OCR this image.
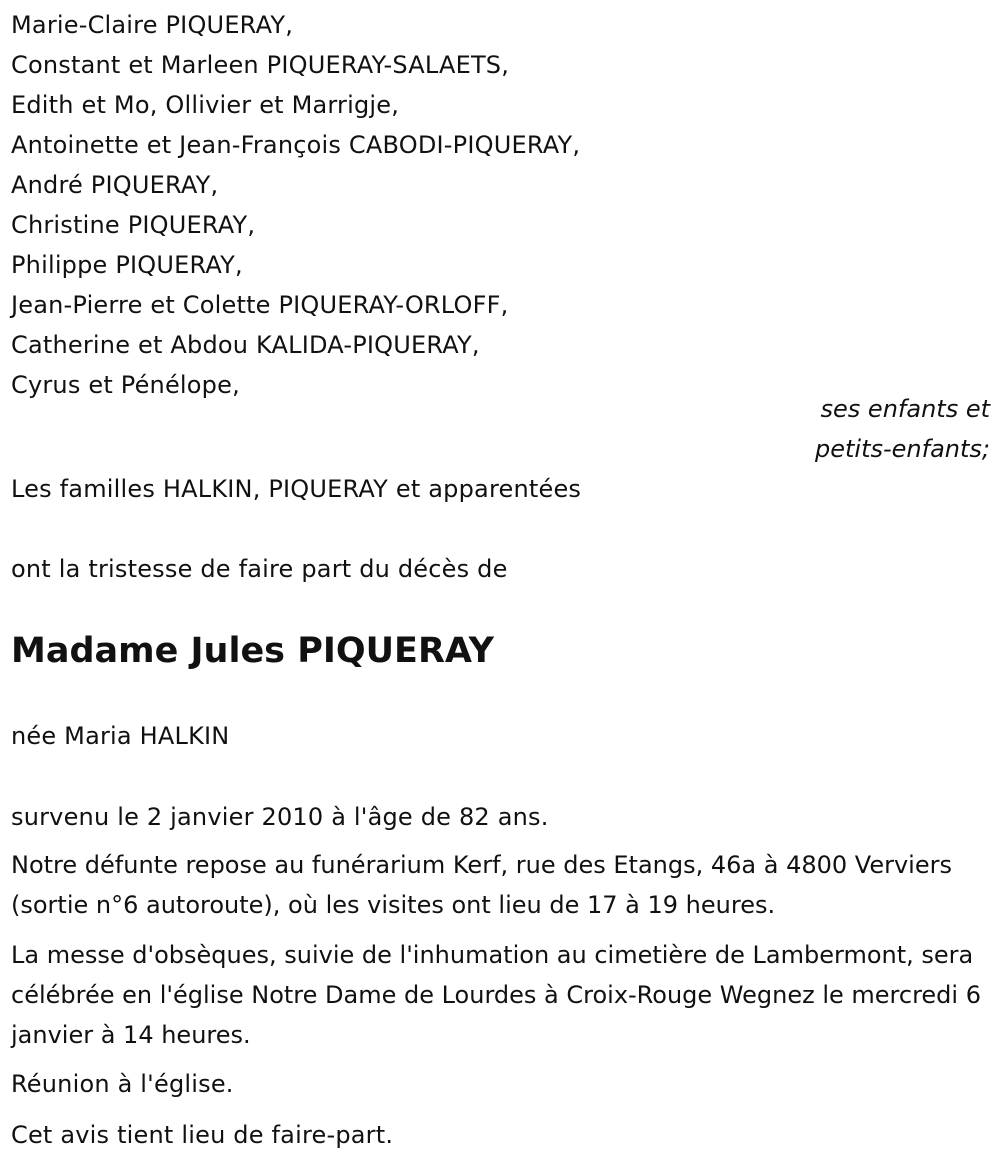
Marie-Claire PIQUERAY,
Constant et Marleen PIQUERAY-SALAETS,
Edith et Mo, Ollivier et Marrigje,
Antoinette et Jean-François CABODI-PIQUERAY,
André PIQUERAY,
Christine PIQUERAY,
Philippe PIQUERAY,
Jean-Pierre et Colette PIQUERAY-ORLOFF,
Catherine et Abdou KALIDA-PIQUERAY,
Cyrus et Pénélope,
ses enfants et
petits-enfants;
Les familles HALKIN, PIQUERAY et apparentées
ont la tristesse de faire part du décès de
Madame Jules PIQUERAY
née Maria HALKIN
survenu le 2 janvier 2010 à l'âge de 82 ans.
Notre défunte repose au funérarium Kerf, rue des Etangs, 46a à 4800 Verviers (sortie n°6 autoroute), où les visites ont lieu de 17 à 19 heures.
La messe d'obsèques, suivie de l'inhumation au cimetière de Lambermont, sera célébrée en l'église Notre Dame de Lourdes à Croix-Rouge Wegnez le mercredi 6 janvier à 14 heures.
Réunion à l'église.
Cet avis tient lieu de faire-part.
